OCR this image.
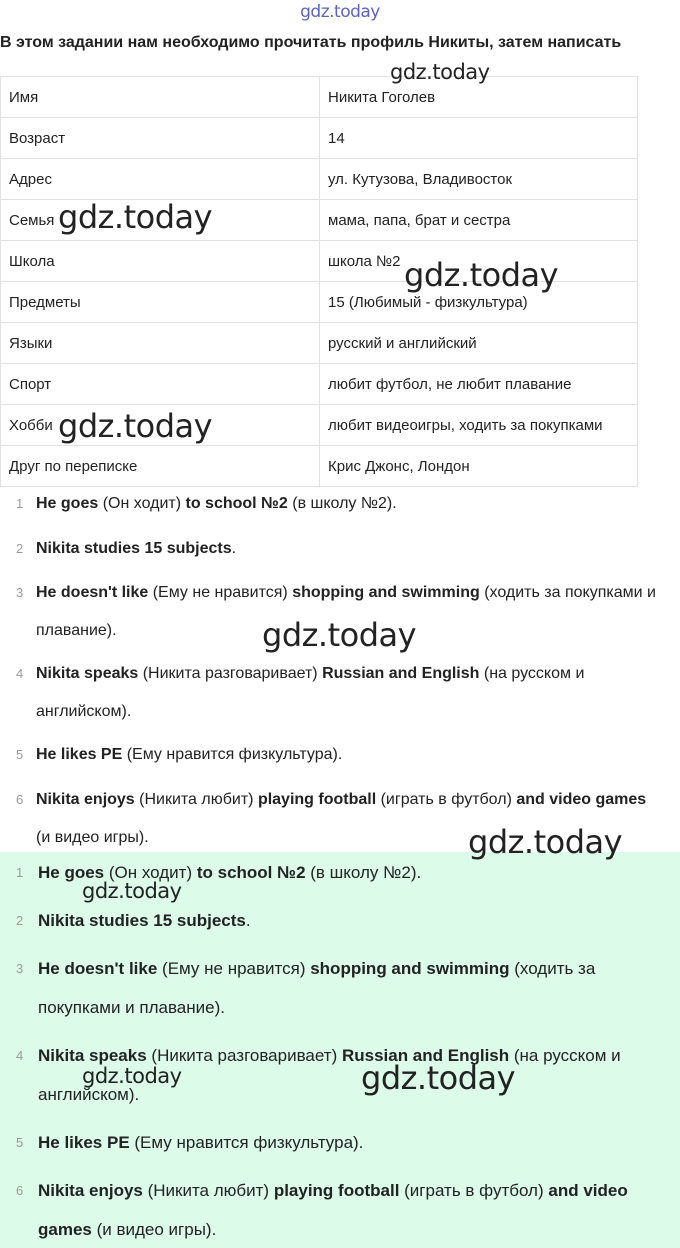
gdz.today
В этом задании нам необходимо прочитать профиль Никиты, затем написать
Имя	Никита Гоголев
Возраст	14
Адрес	ул. Кутузова, Владивосток
Семья	мама, папа, брат и сестра
Школа	школа №2
Предметы	15 (Любимый - физкультура)
Языки	русский и английский
Спорт	любит футбол, не любит плавание
Хобби	любит видеоигры, ходить за покупками
Друг по переписке	Крис Джонс, Лондон
1 He goes (Он ходит) to school №2 (в школу №2).
2 Nikita studies 15 subjects.
3 He doesn't like (Ему не нравится) shopping and swimming (ходить за покупками и плавание).
4 Nikita speaks (Никита разговаривает) Russian and English (на русском и английском).
5 He likes PE (Ему нравится физкультура).
6 Nikita enjoys (Никита любит) playing football (играть в футбол) and video games (и видео игры).
1 He goes (Он ходит) to school №2 (в школу №2).
2 Nikita studies 15 subjects.
3 He doesn't like (Ему не нравится) shopping and swimming (ходить за покупками и плавание).
4 Nikita speaks (Никита разговаривает) Russian and English (на русском и английском).
5 He likes PE (Ему нравится физкультура).
6 Nikita enjoys (Никита любит) playing football (играть в футбол) and video games (и видео игры).
gdz.today
gdz.today
gdz.today
gdz.today
gdz.today
gdz.today
gdz.today
gdz.today	gdz.today
